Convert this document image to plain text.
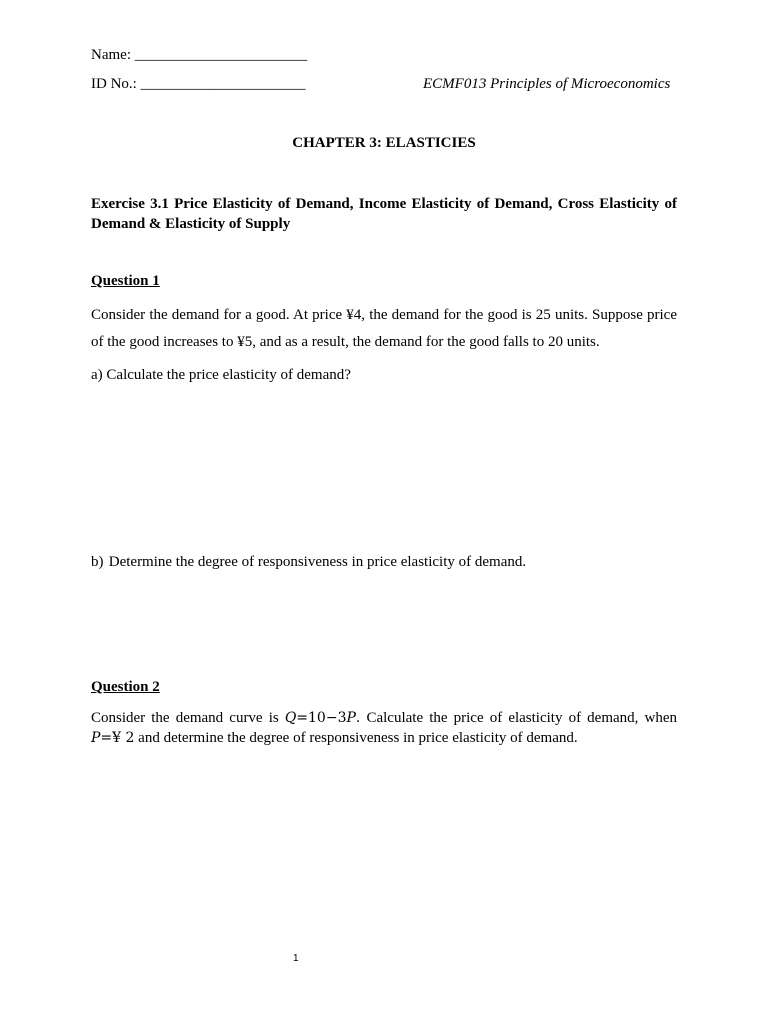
Name: _______________________
ID No.: ______________________	ECMF013 Principles of Microeconomics
CHAPTER 3: ELASTICIES
Exercise 3.1 Price Elasticity of Demand, Income Elasticity of Demand, Cross Elasticity of Demand & Elasticity of Supply
Question 1
Consider the demand for a good. At price ¥4, the demand for the good is 25 units. Suppose price
of the good increases to ¥5, and as a result, the demand for the good falls to 20 units.
a) Calculate the price elasticity of demand?
b) Determine the degree of responsiveness in price elasticity of demand.
Question 2
Consider the demand curve is Q=10−3P. Calculate the price of elasticity of demand, when P=¥ 2 and determine the degree of responsiveness in price elasticity of demand.
1
